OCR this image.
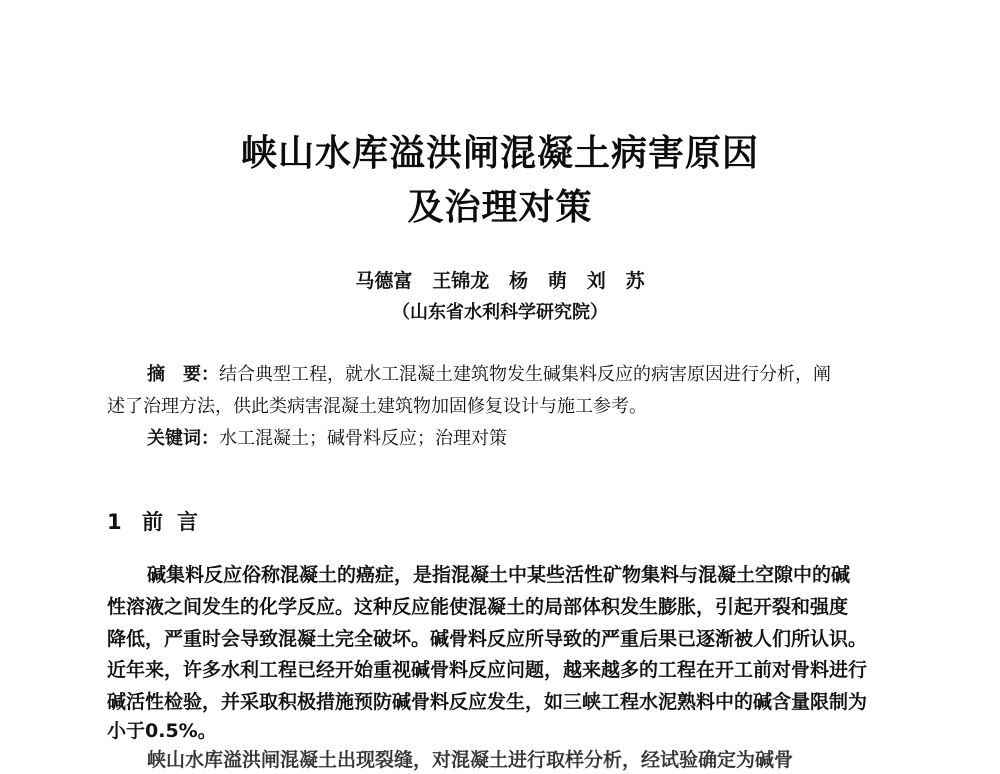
峡山水库溢洪闸混凝土病害原因
及治理对策
马德富   王锦龙   杨   萌   刘   苏
（山东省水利科学研究院）
摘　要：结合典型工程，就水工混凝土建筑物发生碱集料反应的病害原因进行分析，阐
述了治理方法，供此类病害混凝土建筑物加固修复设计与施工参考。
关键词：水工混凝土；碱骨料反应；治理对策
1 前言
碱集料反应俗称混凝土的癌症，是指混凝土中某些活性矿物集料与混凝土空隙中的碱
性溶液之间发生的化学反应。这种反应能使混凝土的局部体积发生膨胀，引起开裂和强度
降低，严重时会导致混凝土完全破坏。碱骨料反应所导致的严重后果已逐渐被人们所认识。
近年来，许多水利工程已经开始重视碱骨料反应问题，越来越多的工程在开工前对骨料进行
碱活性检验，并采取积极措施预防碱骨料反应发生，如三峡工程水泥熟料中的碱含量限制为
小于0.5%。
峡山水库溢洪闸混凝土出现裂缝，对混凝土进行取样分析，经试验确定为碱骨
